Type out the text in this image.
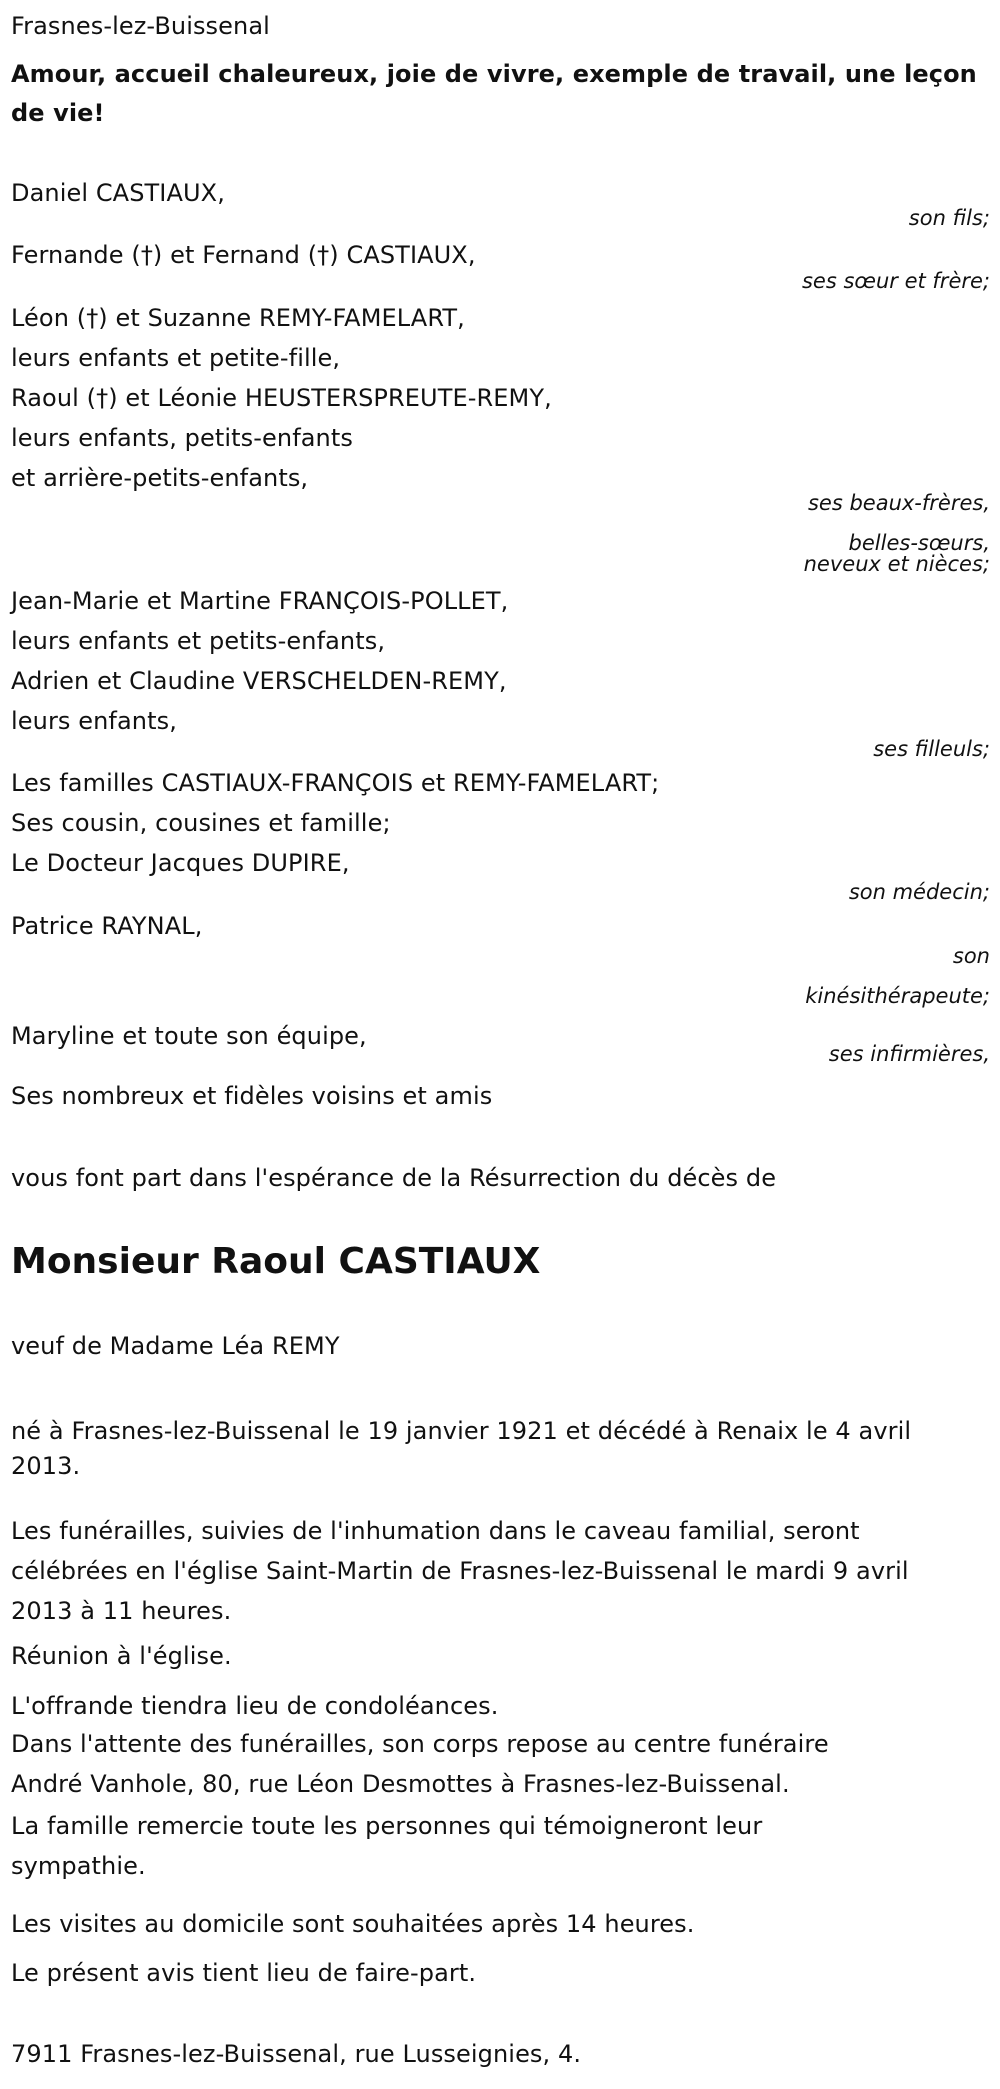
Frasnes-lez-Buissenal
Amour, accueil chaleureux, joie de vivre, exemple de travail, une leçon
de vie!
Daniel CASTIAUX,
son fils;
Fernande (†) et Fernand (†) CASTIAUX,
ses sœur et frère;
Léon (†) et Suzanne REMY-FAMELART,
leurs enfants et petite-fille,
Raoul (†) et Léonie HEUSTERSPREUTE-REMY,
leurs enfants, petits-enfants
et arrière-petits-enfants,
ses beaux-frères,
belles-sœurs,
neveux et nièces;
Jean-Marie et Martine FRANÇOIS-POLLET,
leurs enfants et petits-enfants,
Adrien et Claudine VERSCHELDEN-REMY,
leurs enfants,
ses filleuls;
Les familles CASTIAUX-FRANÇOIS et REMY-FAMELART;
Ses cousin, cousines et famille;
Le Docteur Jacques DUPIRE,
son médecin;
Patrice RAYNAL,
son
kinésithérapeute;
Maryline et toute son équipe,
ses infirmières,
Ses nombreux et fidèles voisins et amis
vous font part dans l'espérance de la Résurrection du décès de
Monsieur Raoul CASTIAUX
veuf de Madame Léa REMY
né à Frasnes-lez-Buissenal le 19 janvier 1921 et décédé à Renaix le 4 avril
2013.
Les funérailles, suivies de l'inhumation dans le caveau familial, seront
célébrées en l'église Saint-Martin de Frasnes-lez-Buissenal le mardi 9 avril
2013 à 11 heures.
Réunion à l'église.
L'offrande tiendra lieu de condoléances.
Dans l'attente des funérailles, son corps repose au centre funéraire
André Vanhole, 80, rue Léon Desmottes à Frasnes-lez-Buissenal.
La famille remercie toute les personnes qui témoigneront leur
sympathie.
Les visites au domicile sont souhaitées après 14 heures.
Le présent avis tient lieu de faire-part.
7911 Frasnes-lez-Buissenal, rue Lusseignies, 4.
